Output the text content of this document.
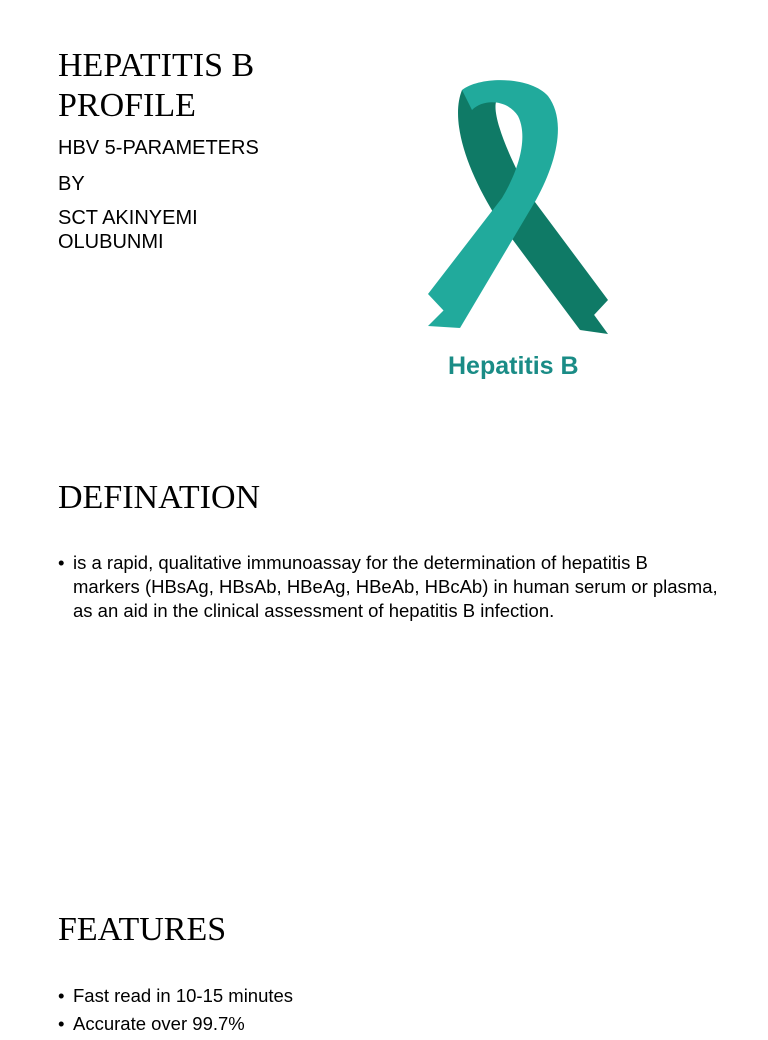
HEPATITIS B
PROFILE

HBV 5-PARAMETERS

BY

SCT AKINYEMI
OLUBUNMI

Hepatitis B
DEFINATION
• is a rapid, qualitative immunoassay for the determination of hepatitis B markers (HBsAg, HBsAb, HBeAg, HBeAb, HBcAb) in human serum or plasma, as an aid in the clinical assessment of hepatitis B infection.
FEATURES
• Fast read in 10-15 minutes
• Accurate over 99.7%
